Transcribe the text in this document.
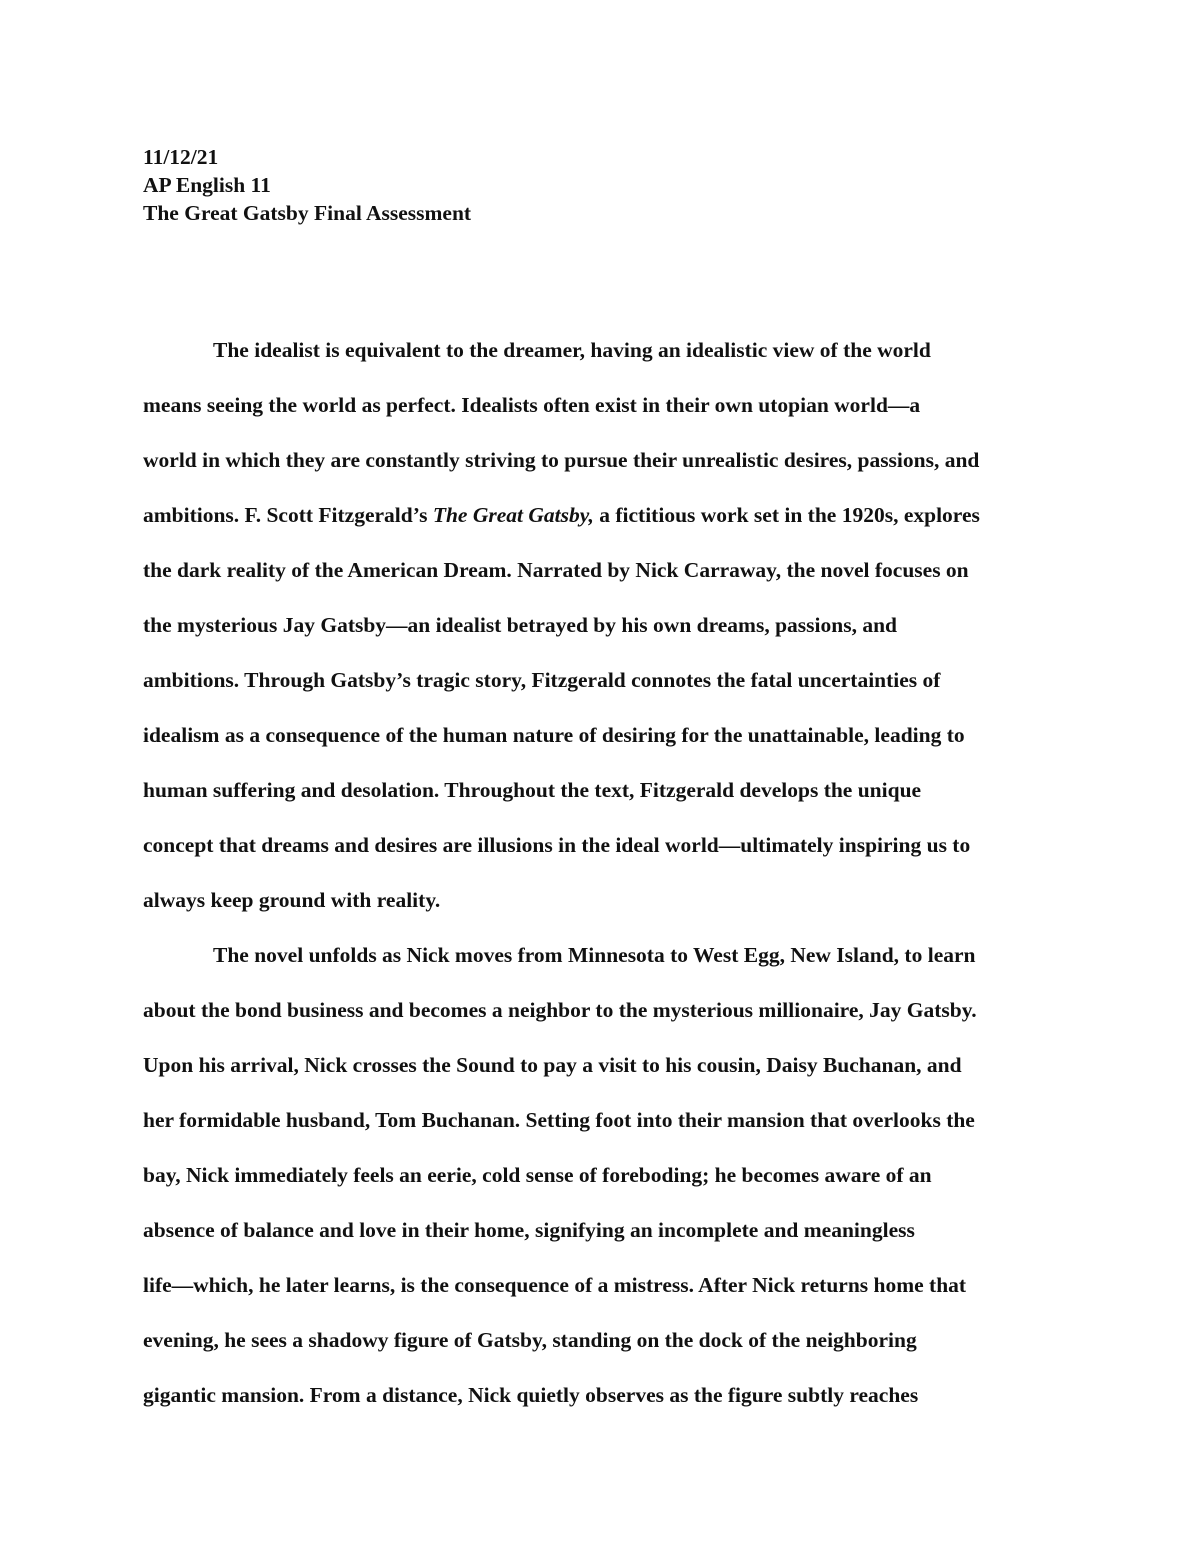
11/12/21
AP English 11
The Great Gatsby Final Assessment
The idealist is equivalent to the dreamer, having an idealistic view of the world
means seeing the world as perfect. Idealists often exist in their own utopian world—a
world in which they are constantly striving to pursue their unrealistic desires, passions, and
ambitions. F. Scott Fitzgerald’s The Great Gatsby, a fictitious work set in the 1920s, explores
the dark reality of the American Dream. Narrated by Nick Carraway, the novel focuses on
the mysterious Jay Gatsby—an idealist betrayed by his own dreams, passions, and
ambitions. Through Gatsby’s tragic story, Fitzgerald connotes the fatal uncertainties of
idealism as a consequence of the human nature of desiring for the unattainable, leading to
human suffering and desolation. Throughout the text, Fitzgerald develops the unique
concept that dreams and desires are illusions in the ideal world—ultimately inspiring us to
always keep ground with reality.
The novel unfolds as Nick moves from Minnesota to West Egg, New Island, to learn
about the bond business and becomes a neighbor to the mysterious millionaire, Jay Gatsby.
Upon his arrival, Nick crosses the Sound to pay a visit to his cousin, Daisy Buchanan, and
her formidable husband, Tom Buchanan. Setting foot into their mansion that overlooks the
bay, Nick immediately feels an eerie, cold sense of foreboding; he becomes aware of an
absence of balance and love in their home, signifying an incomplete and meaningless
life—which, he later learns, is the consequence of a mistress. After Nick returns home that
evening, he sees a shadowy figure of Gatsby, standing on the dock of the neighboring
gigantic mansion. From a distance, Nick quietly observes as the figure subtly reaches
